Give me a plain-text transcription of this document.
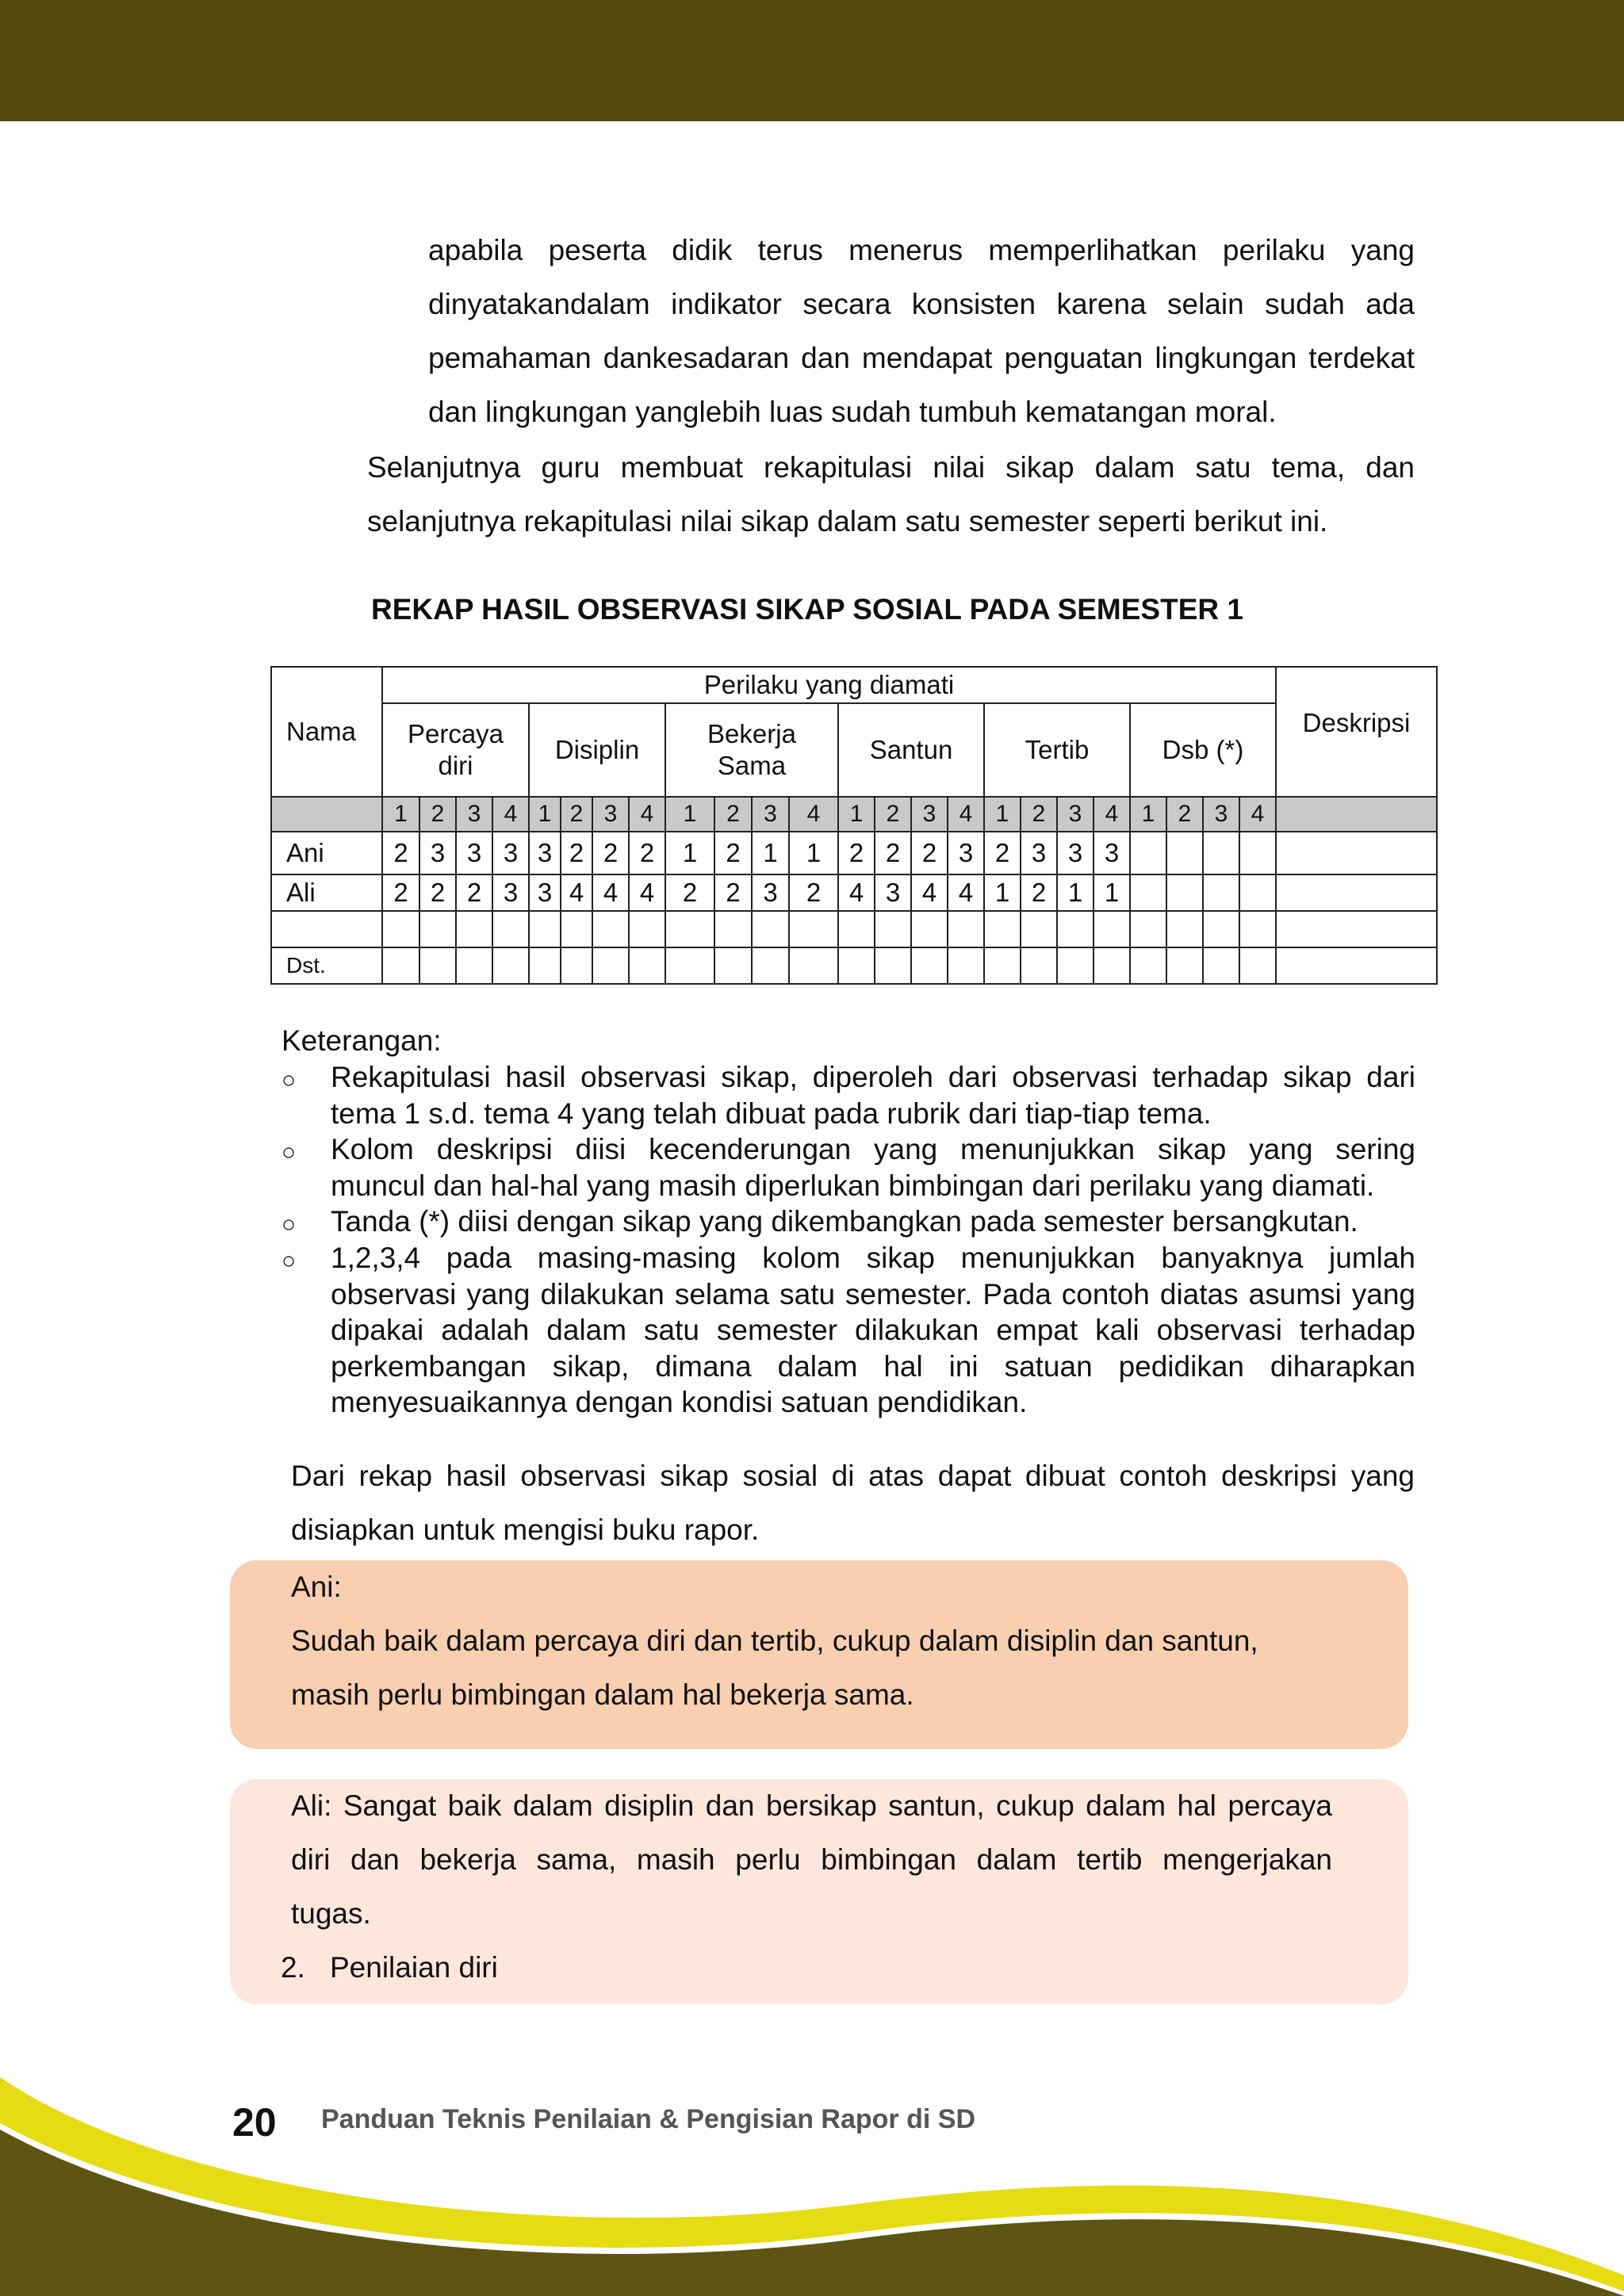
apabila peserta didik terus menerus memperlihatkan perilaku yang
dinyatakandalam indikator secara konsisten karena selain sudah ada
pemahaman dankesadaran dan mendapat penguatan lingkungan terdekat
dan lingkungan yanglebih luas sudah tumbuh kematangan moral.
Selanjutnya guru membuat rekapitulasi nilai sikap dalam satu tema, dan
selanjutnya rekapitulasi nilai sikap dalam satu semester seperti berikut ini.

REKAP HASIL OBSERVASI SIKAP SOSIAL PADA SEMESTER 1

Nama	Perilaku yang diamati																								Deskripsi
	Percaya diri				Disiplin				Bekerja Sama				Santun				Tertib				Dsb (*)				
	1	2	3	4	1	2	3	4	1	2	3	4	1	2	3	4	1	2	3	4	1	2	3	4	
Ani	2	3	3	3	3	2	2	2	1	2	1	1	2	2	2	3	2	3	3	3					
Ali	2	2	2	3	3	4	4	4	2	2	3	2	4	3	4	4	1	2	1	1					

Dst.																									

Keterangan:

○ Rekapitulasi hasil observasi sikap, diperoleh dari observasi terhadap sikap dari
tema 1 s.d. tema 4 yang telah dibuat pada rubrik dari tiap-tiap tema.
○ Kolom deskripsi diisi kecenderungan yang menunjukkan sikap yang sering
muncul dan hal-hal yang masih diperlukan bimbingan dari perilaku yang diamati.
○ Tanda (*) diisi dengan sikap yang dikembangkan pada semester bersangkutan.
○ 1,2,3,4 pada masing-masing kolom sikap menunjukkan banyaknya jumlah
observasi yang dilakukan selama satu semester. Pada contoh diatas asumsi yang
dipakai adalah dalam satu semester dilakukan empat kali observasi terhadap
perkembangan sikap, dimana dalam hal ini satuan pedidikan diharapkan
menyesuaikannya dengan kondisi satuan pendidikan.
Dari rekap hasil observasi sikap sosial di atas dapat dibuat contoh deskripsi yang
disiapkan untuk mengisi buku rapor.

Ani:

Sudah baik dalam percaya diri dan tertib, cukup dalam disiplin dan santun,
masih perlu bimbingan dalam hal bekerja sama.
Ali: Sangat baik dalam disiplin dan bersikap santun, cukup dalam hal percaya
diri dan bekerja sama, masih perlu bimbingan dalam tertib mengerjakan
tugas.

2. Penilaian diri

20 Panduan Teknis Penilaian & Pengisian Rapor di SD
